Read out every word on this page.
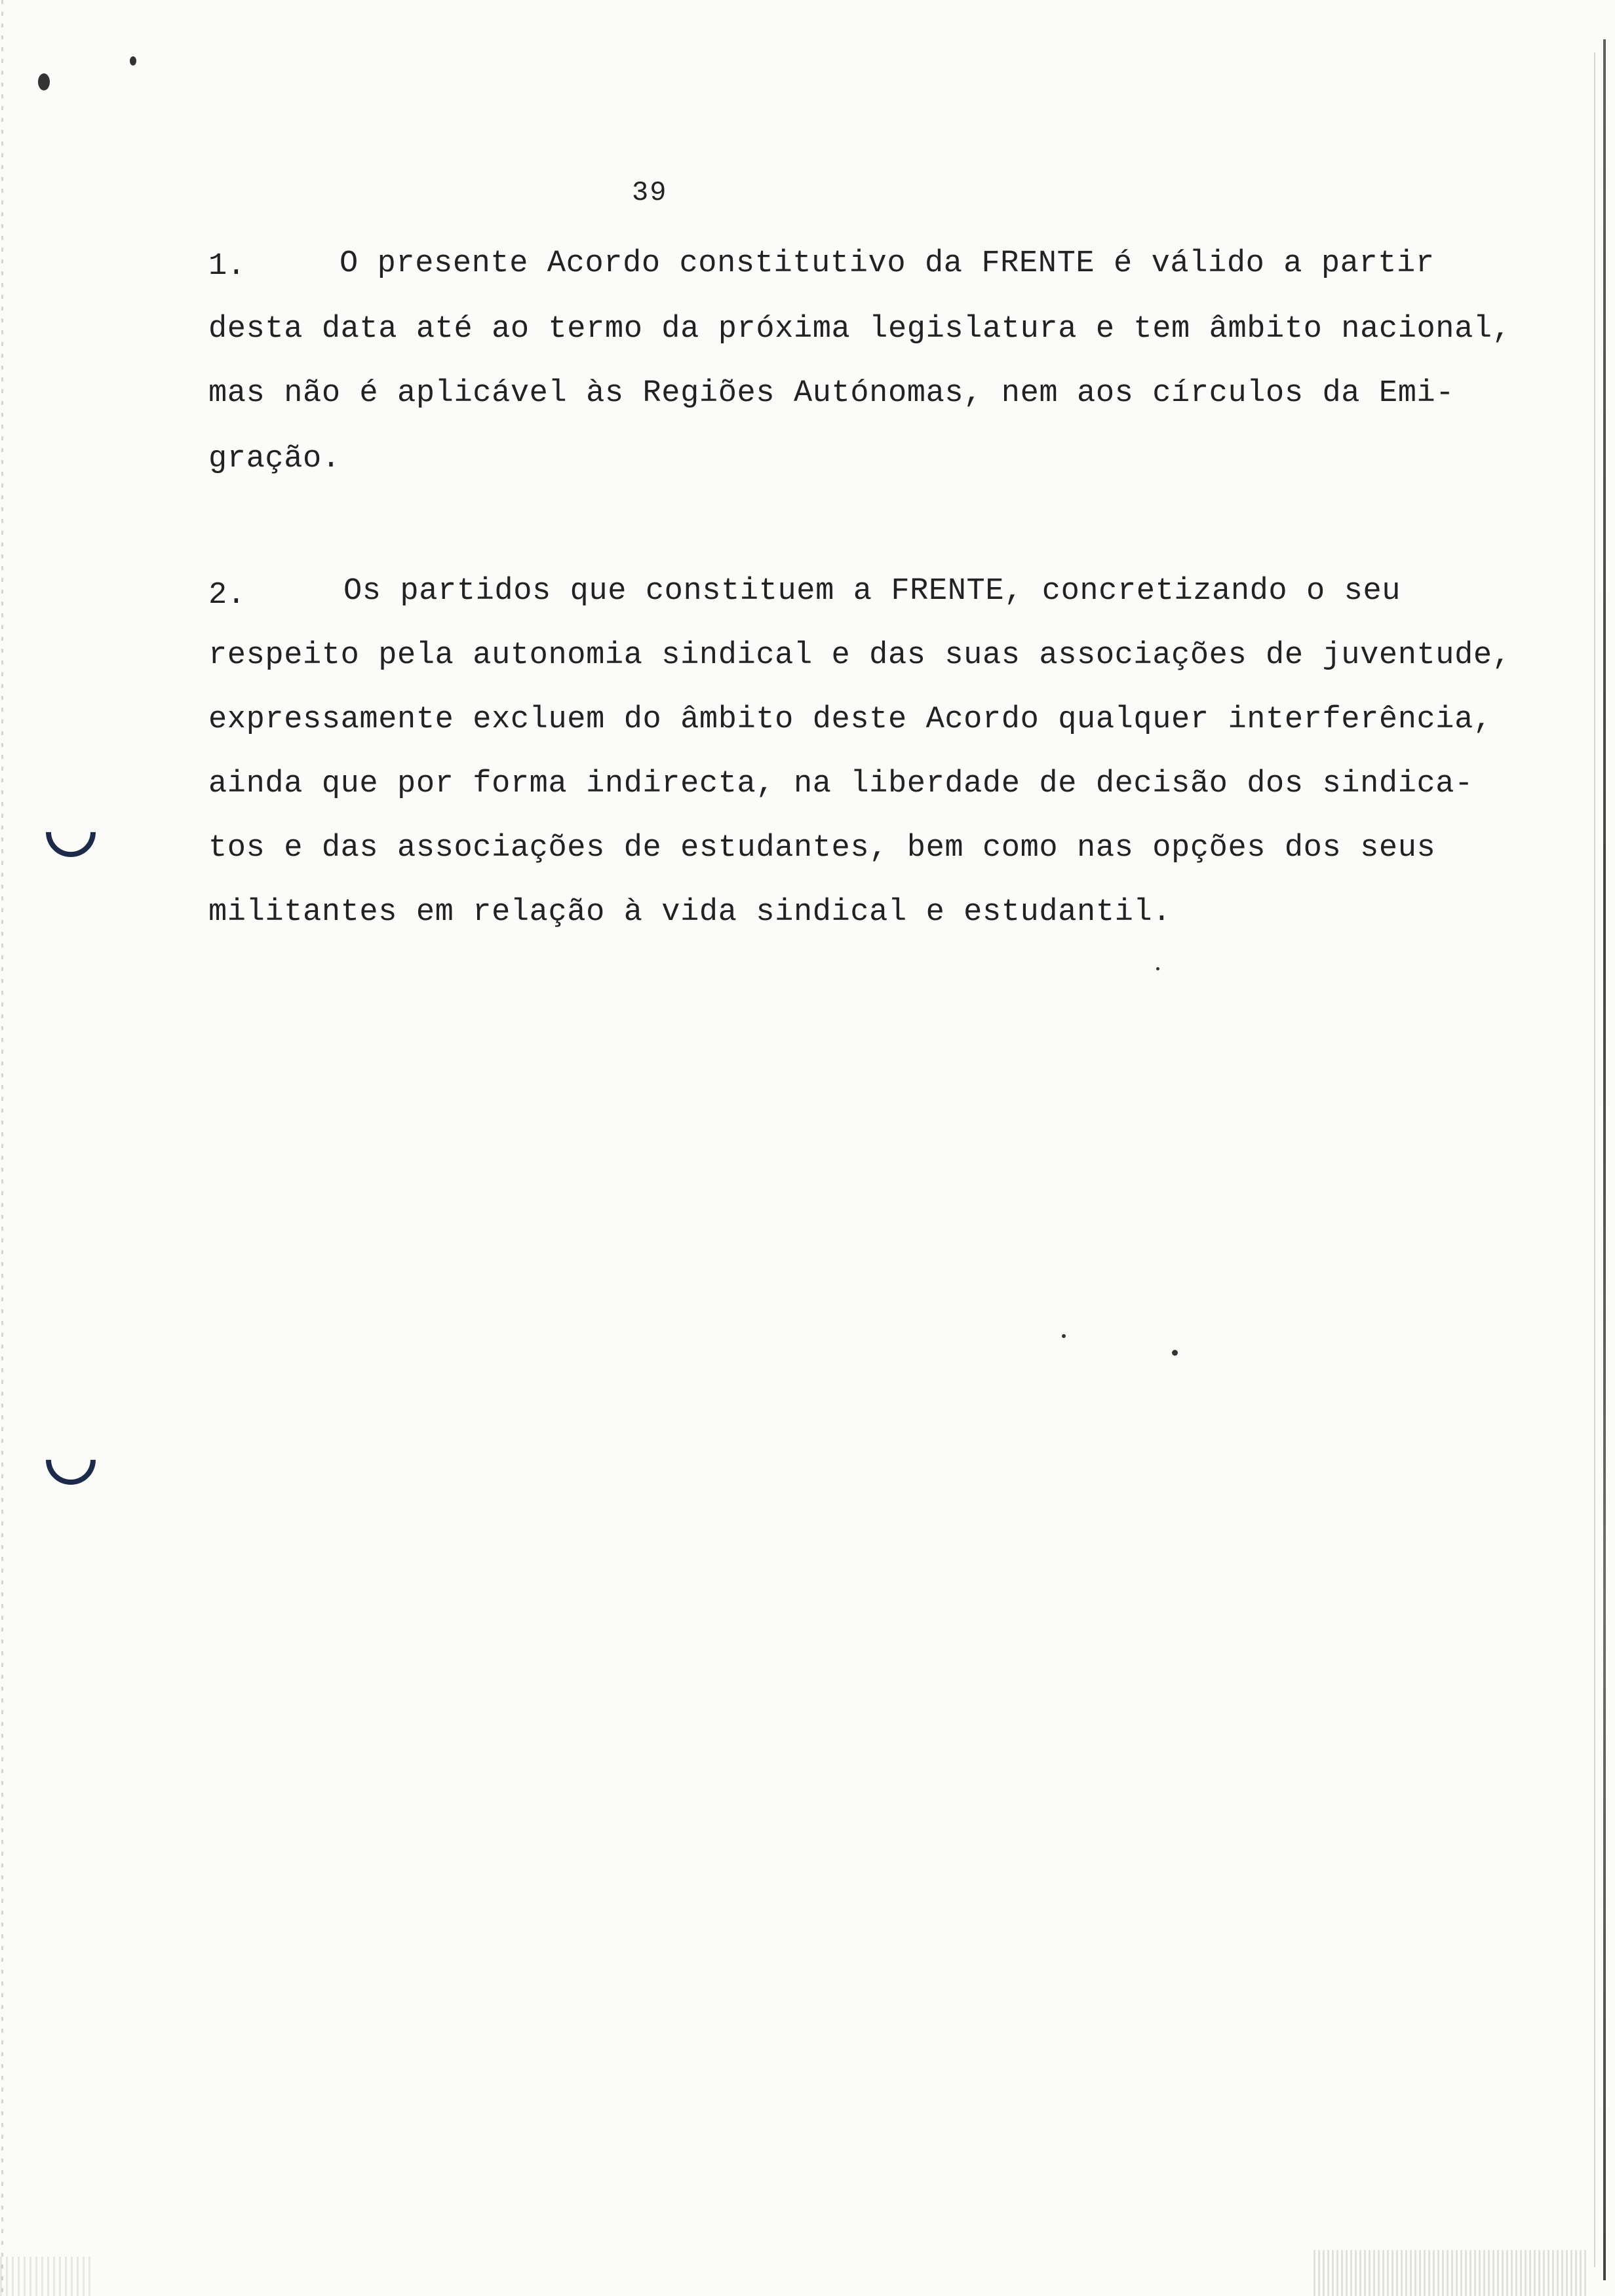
39
1.	O presente Acordo constitutivo da FRENTE é válido a partir
desta data até ao termo da próxima legislatura e tem âmbito nacional,
mas não é aplicável às Regiões Autónomas, nem aos círculos da Emi-
gração.
2.	Os partidos que constituem a FRENTE, concretizando o seu
respeito pela autonomia sindical e das suas associações de juventude,
expressamente excluem do âmbito deste Acordo qualquer interferência,
ainda que por forma indirecta, na liberdade de decisão dos sindica-
tos e das associações de estudantes, bem como nas opções dos seus
militantes em relação à vida sindical e estudantil.
